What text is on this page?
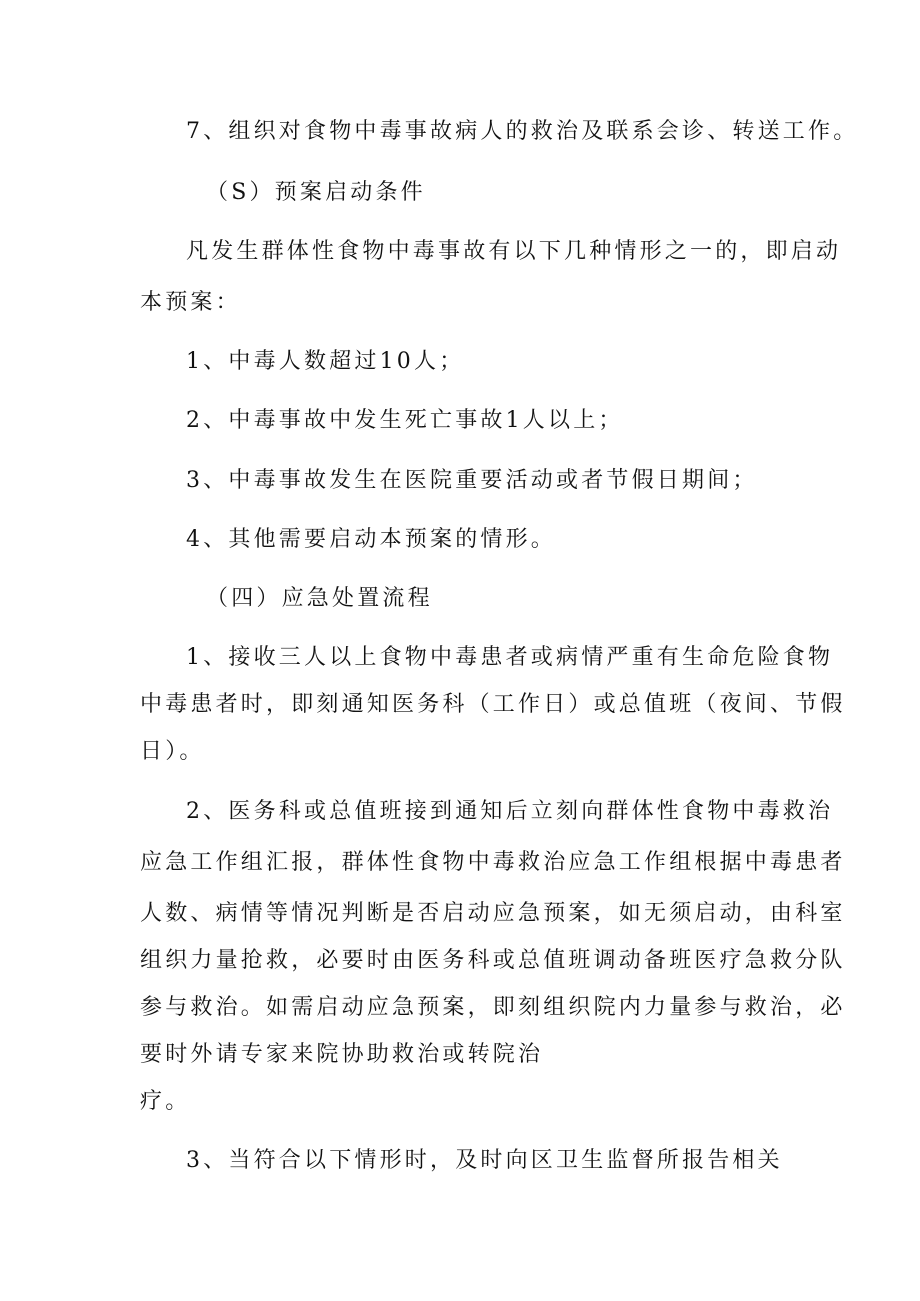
7、组织对食物中毒事故病人的救治及联系会诊、转送工作。
（S）预案启动条件
凡发生群体性食物中毒事故有以下几种情形之一的，即启动
本预案：
1、中毒人数超过10人；
2、中毒事故中发生死亡事故1人以上；
3、中毒事故发生在医院重要活动或者节假日期间；
4、其他需要启动本预案的情形。
（四）应急处置流程
1、接收三人以上食物中毒患者或病情严重有生命危险食物
中毒患者时，即刻通知医务科（工作日）或总值班（夜间、节假
日）。
2、医务科或总值班接到通知后立刻向群体性食物中毒救治
应急工作组汇报，群体性食物中毒救治应急工作组根据中毒患者
人数、病情等情况判断是否启动应急预案，如无须启动，由科室
组织力量抢救，必要时由医务科或总值班调动备班医疗急救分队
参与救治。如需启动应急预案，即刻组织院内力量参与救治，必
要时外请专家来院协助救治或转院治
疗。
3、当符合以下情形时，及时向区卫生监督所报告相关
